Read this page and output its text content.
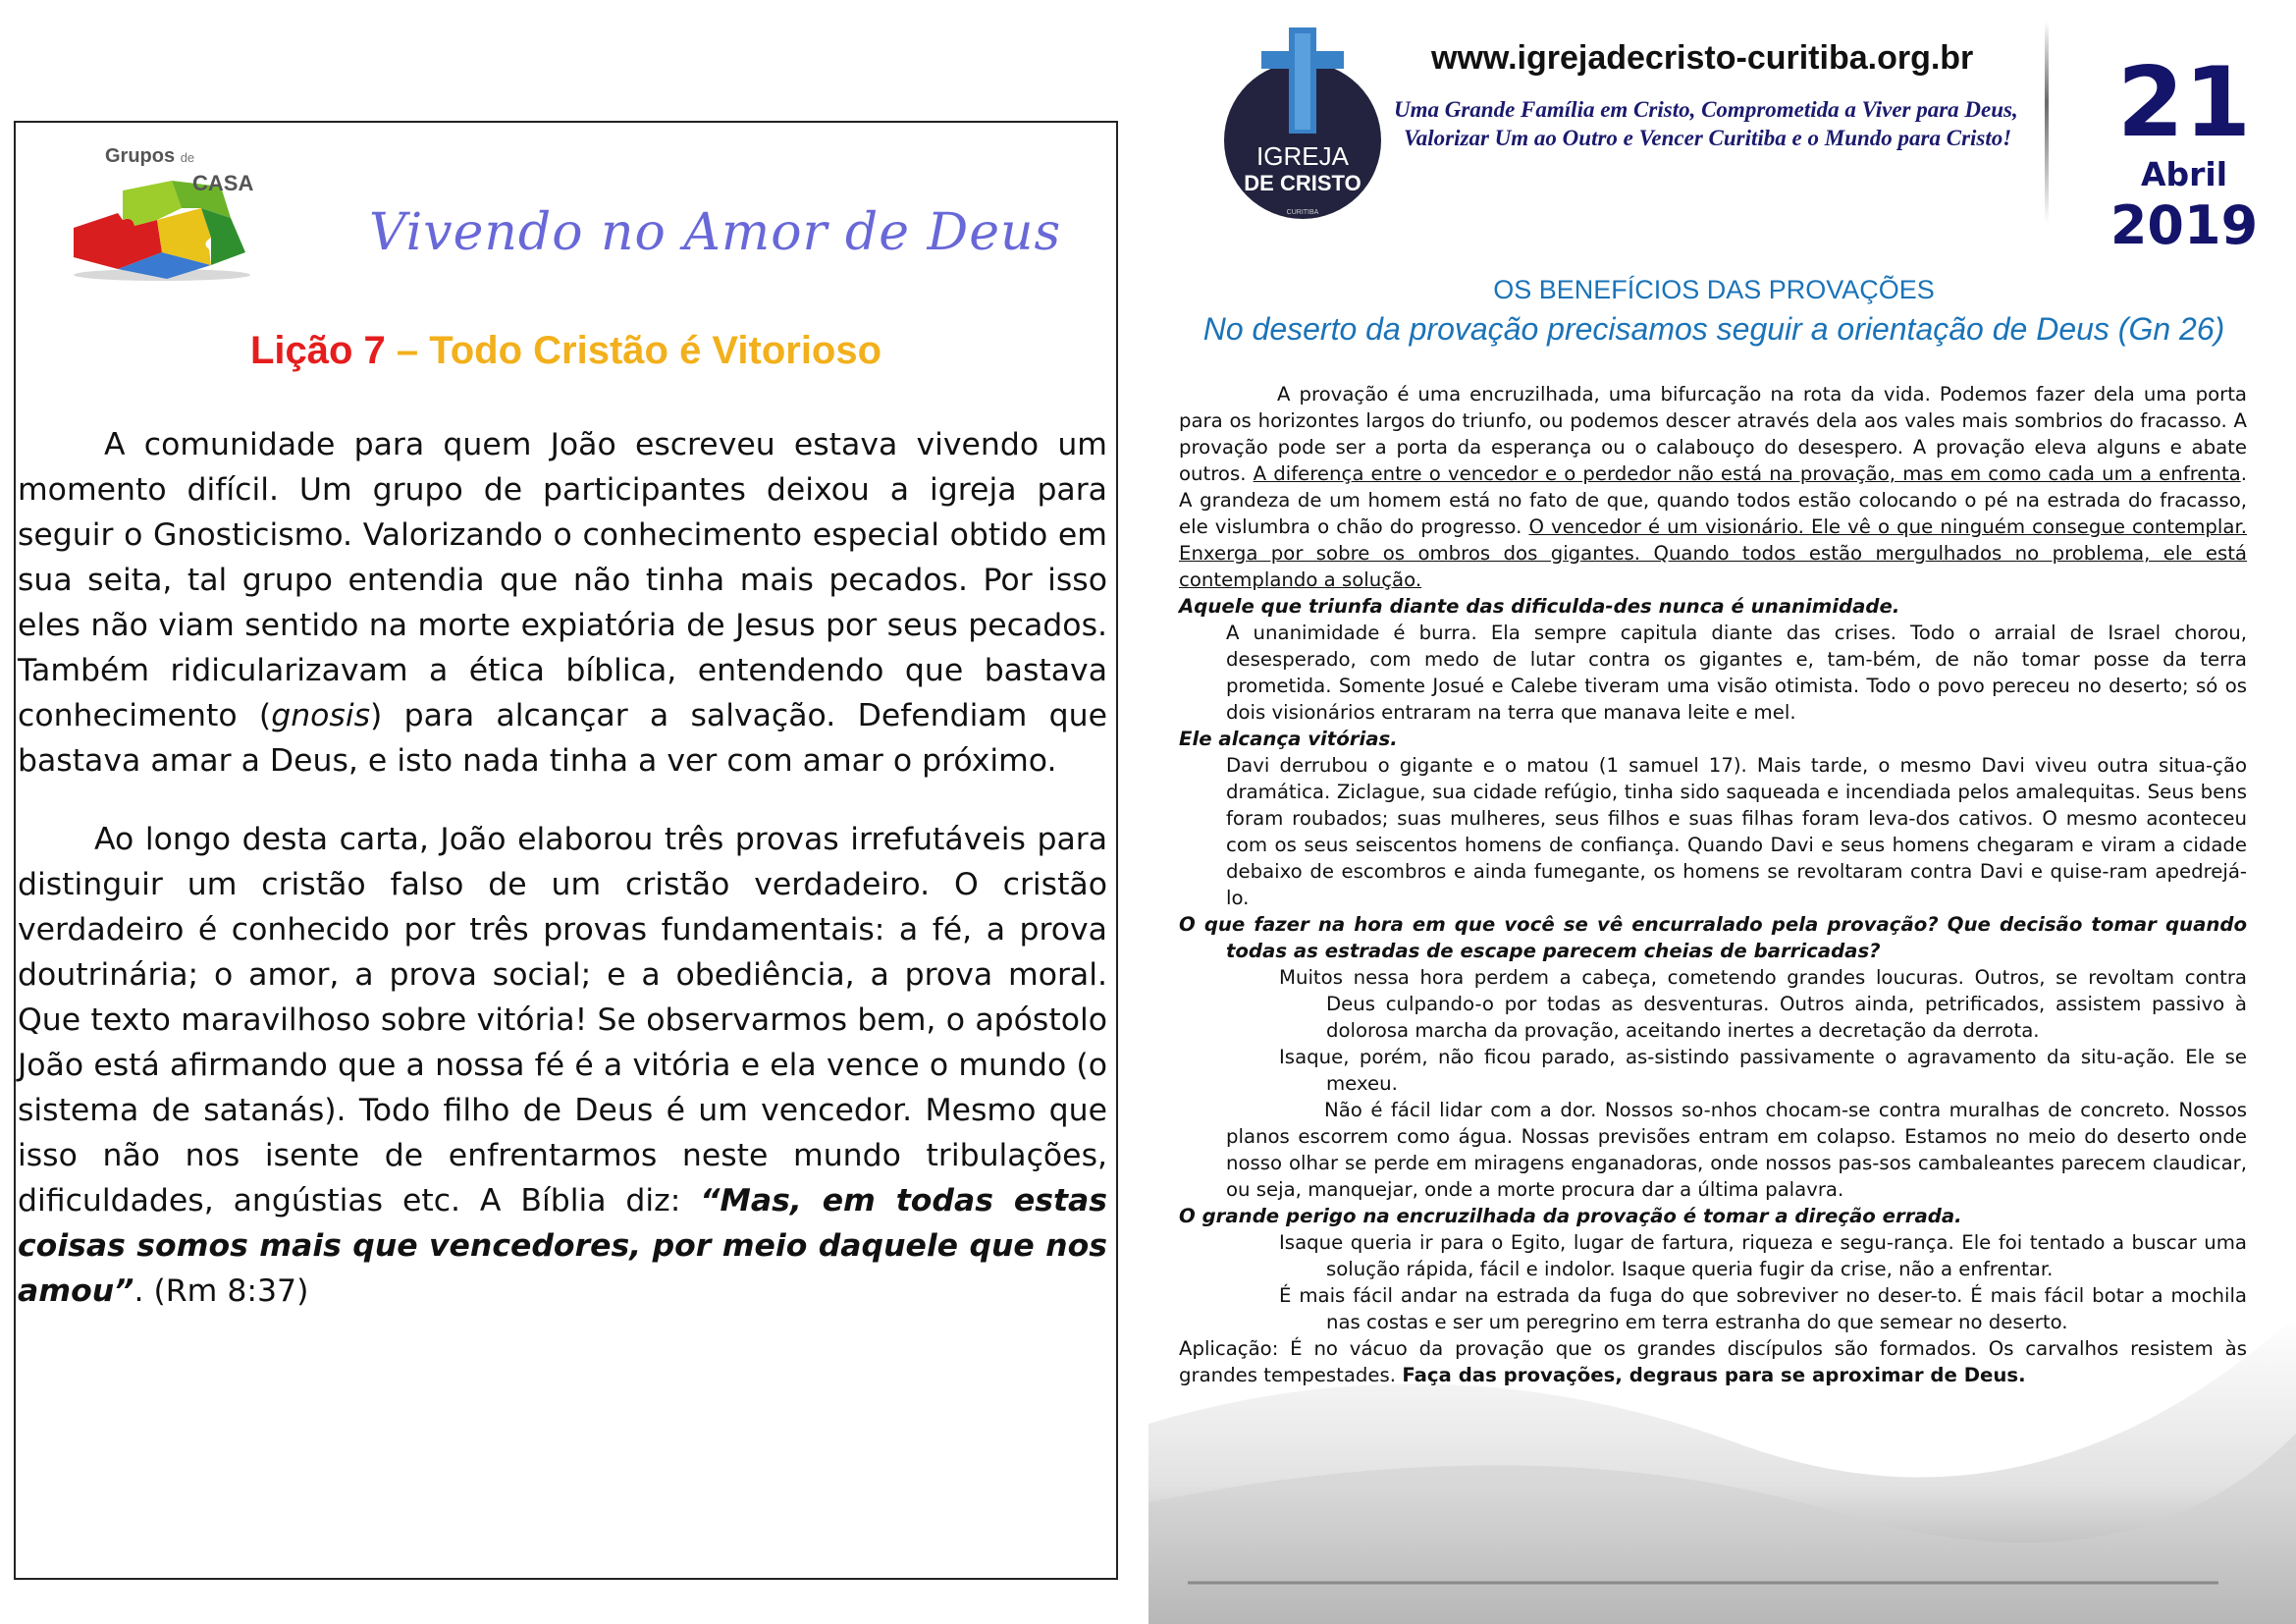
Grupos de
CASA
Vivendo no Amor de Deus
Lição 7 – Todo Cristão é Vitorioso

A comunidade para quem João escreveu estava vivendo um momento difícil. Um grupo de participantes deixou a igreja para seguir o Gnosticismo. Valorizando o conhecimento especial obtido em sua seita, tal grupo entendia que não tinha mais pecados. Por isso eles não viam sentido na morte expiatória de Jesus por seus pecados. Também ridicularizavam a ética bíblica, entendendo que bastava conhecimento (gnosis) para alcançar a salvação. Defendiam que bastava amar a Deus, e isto nada tinha a ver com amar o próximo.

Ao longo desta carta, João elaborou três provas irrefutáveis para distinguir um cristão falso de um cristão verdadeiro. O cristão verdadeiro é conhecido por três provas fundamentais: a fé, a prova doutrinária; o amor, a prova social; e a obediência, a prova moral. Que texto maravilhoso sobre vitória! Se observarmos bem, o apóstolo João está afirmando que a nossa fé é a vitória e ela vence o mundo (o sistema de satanás). Todo filho de Deus é um vencedor. Mesmo que isso não nos isente de enfrentarmos neste mundo tribulações, dificuldades, angústias etc. A Bíblia diz: “Mas, em todas estas coisas somos mais que vencedores, por meio daquele que nos amou”. (Rm 8:37)

IGREJA
DE CRISTO
CURITIBA
www.igrejadecristo-curitiba.org.br
Uma Grande Família em Cristo, Comprometida a Viver para Deus,
Valorizar Um ao Outro e Vencer Curitiba e o Mundo para Cristo!	21
Abril
2019
OS BENEFÍCIOS DAS PROVAÇÕES
No deserto da provação precisamos seguir a orientação de Deus (Gn 26)

A provação é uma encruzilhada, uma bifurcação na rota da vida. Podemos fazer dela uma porta para os horizontes largos do triunfo, ou podemos descer através dela aos vales mais sombrios do fracasso. A provação pode ser a porta da esperança ou o calabouço do desespero. A provação eleva alguns e abate outros. A diferença entre o vencedor e o perdedor não está na provação, mas em como cada um a enfrenta. A grandeza de um homem está no fato de que, quando todos estão colocando o pé na estrada do fracasso, ele vislumbra o chão do progresso. O vencedor é um visionário. Ele vê o que ninguém consegue contemplar. Enxerga por sobre os ombros dos gigantes. Quando todos estão mergulhados no problema, ele está contemplando a solução.

Aquele que triunfa diante das dificulda-des nunca é unanimidade.

A unanimidade é burra. Ela sempre capitula diante das crises. Todo o arraial de Israel chorou, desesperado, com medo de lutar contra os gigantes e, tam-bém, de não tomar posse da terra prometida. Somente Josué e Calebe tiveram uma visão otimista. Todo o povo pereceu no deserto; só os dois visionários entraram na terra que manava leite e mel.

Ele alcança vitórias.

Davi derrubou o gigante e o matou (1 samuel 17). Mais tarde, o mesmo Davi viveu outra situa-ção dramática. Ziclague, sua cidade refúgio, tinha sido saqueada e incendiada pelos amalequitas. Seus bens foram roubados; suas mulheres, seus filhos e suas filhas foram leva-dos cativos. O mesmo aconteceu com os seus seiscentos homens de confiança. Quando Davi e seus homens chegaram e viram a cidade debaixo de escombros e ainda fumegante, os homens se revoltaram contra Davi e quise-ram apedrejá-lo.

O que fazer na hora em que você se vê encurralado pela provação? Que decisão tomar quando todas as estradas de escape parecem cheias de barricadas?

Muitos nessa hora perdem a cabeça, cometendo grandes loucuras. Outros, se revoltam contra Deus culpando-o por todas as desventuras. Outros ainda, petrificados, assistem passivo à dolorosa marcha da provação, aceitando inertes a decretação da derrota.

Isaque, porém, não ficou parado, as-sistindo passivamente o agravamento da situ-ação. Ele se mexeu.

Não é fácil lidar com a dor. Nossos so-nhos chocam-se contra muralhas de concreto. Nossos planos escorrem como água. Nossas previsões entram em colapso. Estamos no meio do deserto onde nosso olhar se perde em miragens enganadoras, onde nossos pas-sos cambaleantes parecem claudicar, ou seja, manquejar, onde a morte procura dar a última palavra.

O grande perigo na encruzilhada da provação é tomar a direção errada.

Isaque queria ir para o Egito, lugar de fartura, riqueza e segu-rança. Ele foi tentado a buscar uma solução rápida, fácil e indolor. Isaque queria fugir da crise, não a enfrentar.

É mais fácil andar na estrada da fuga do que sobreviver no deser-to. É mais fácil botar a mochila nas costas e ser um peregrino em terra estranha do que semear no deserto.

Aplicação: É no vácuo da provação que os grandes discípulos são formados. Os carvalhos resistem às grandes tempestades. Faça das provações, degraus para se aproximar de Deus.
